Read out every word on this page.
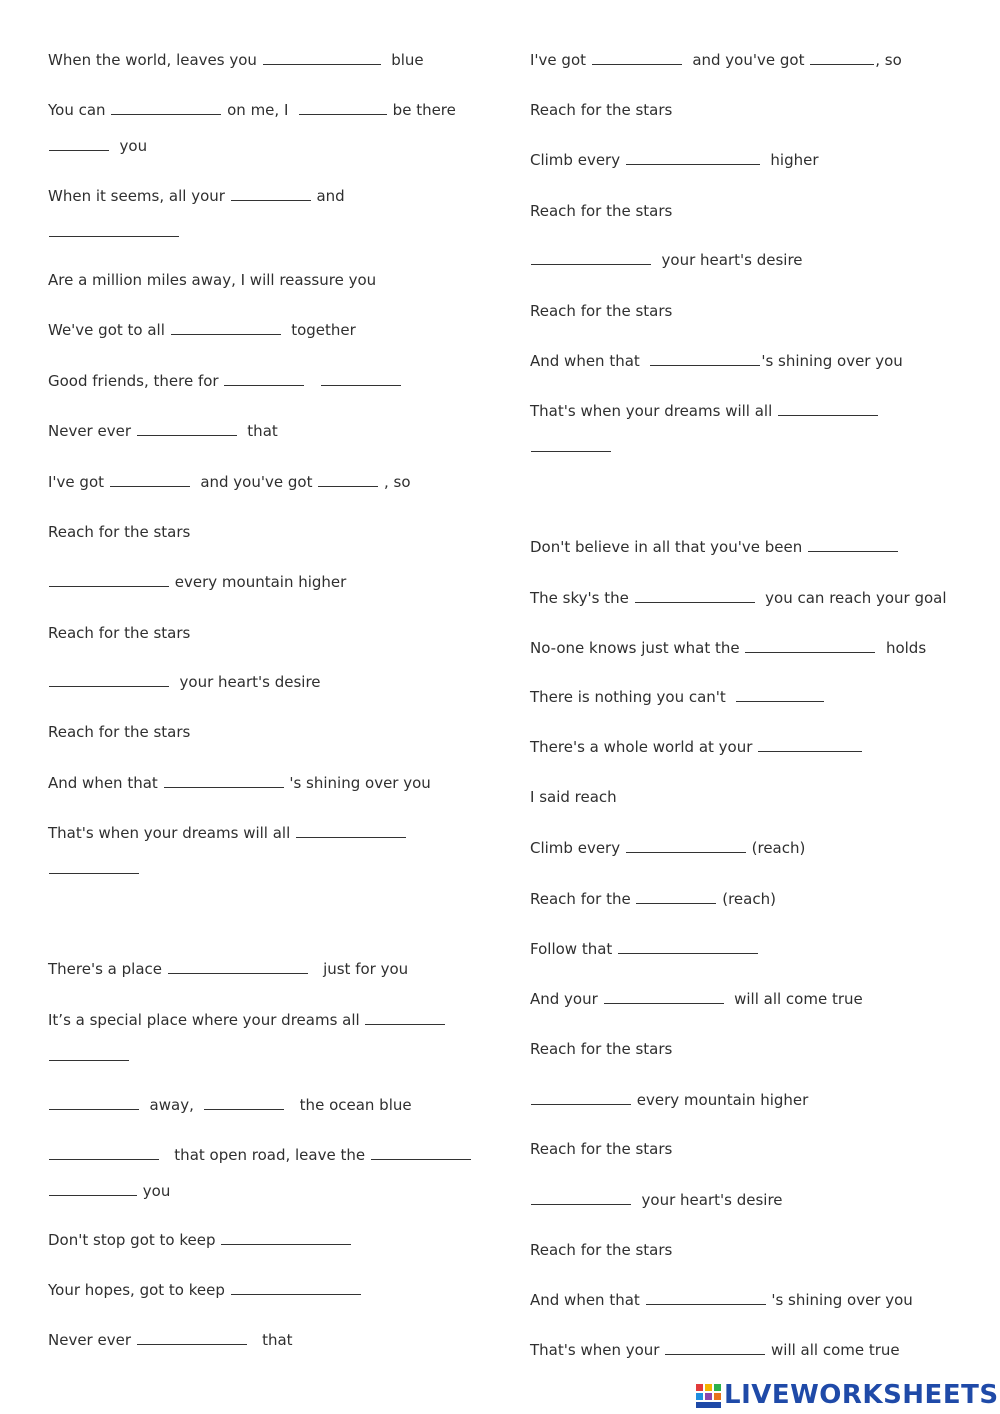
When the world, leaves you	blue
You can	on me, I	be there
you
When it seems, all your	and
Are a million miles away, I will reassure you
We've got to all	together
Good friends, there for
Never ever	that
I've got	and you've got	, so
Reach for the stars
every mountain higher
Reach for the stars
your heart's desire
Reach for the stars
And when that	's shining over you
That's when your dreams will all
There's a place	just for you
It’s a special place where your dreams all
away,	the ocean blue
that open road, leave the
you
Don't stop got to keep
Your hopes, got to keep
Never ever	that
I've got	and you've got	, so
Reach for the stars
Climb every	higher
Reach for the stars
your heart's desire
Reach for the stars
And when that	's shining over you
That's when your dreams will all
Don't believe in all that you've been
The sky's the	you can reach your goal
No-one knows just what the	holds
There is nothing you can't
There's a whole world at your
I said reach
Climb every	(reach)
Reach for the	(reach)
Follow that
And your	will all come true
Reach for the stars
every mountain higher
Reach for the stars
your heart's desire
Reach for the stars
And when that	's shining over you
That's when your	will all come true
LIVEWORKSHEETS
